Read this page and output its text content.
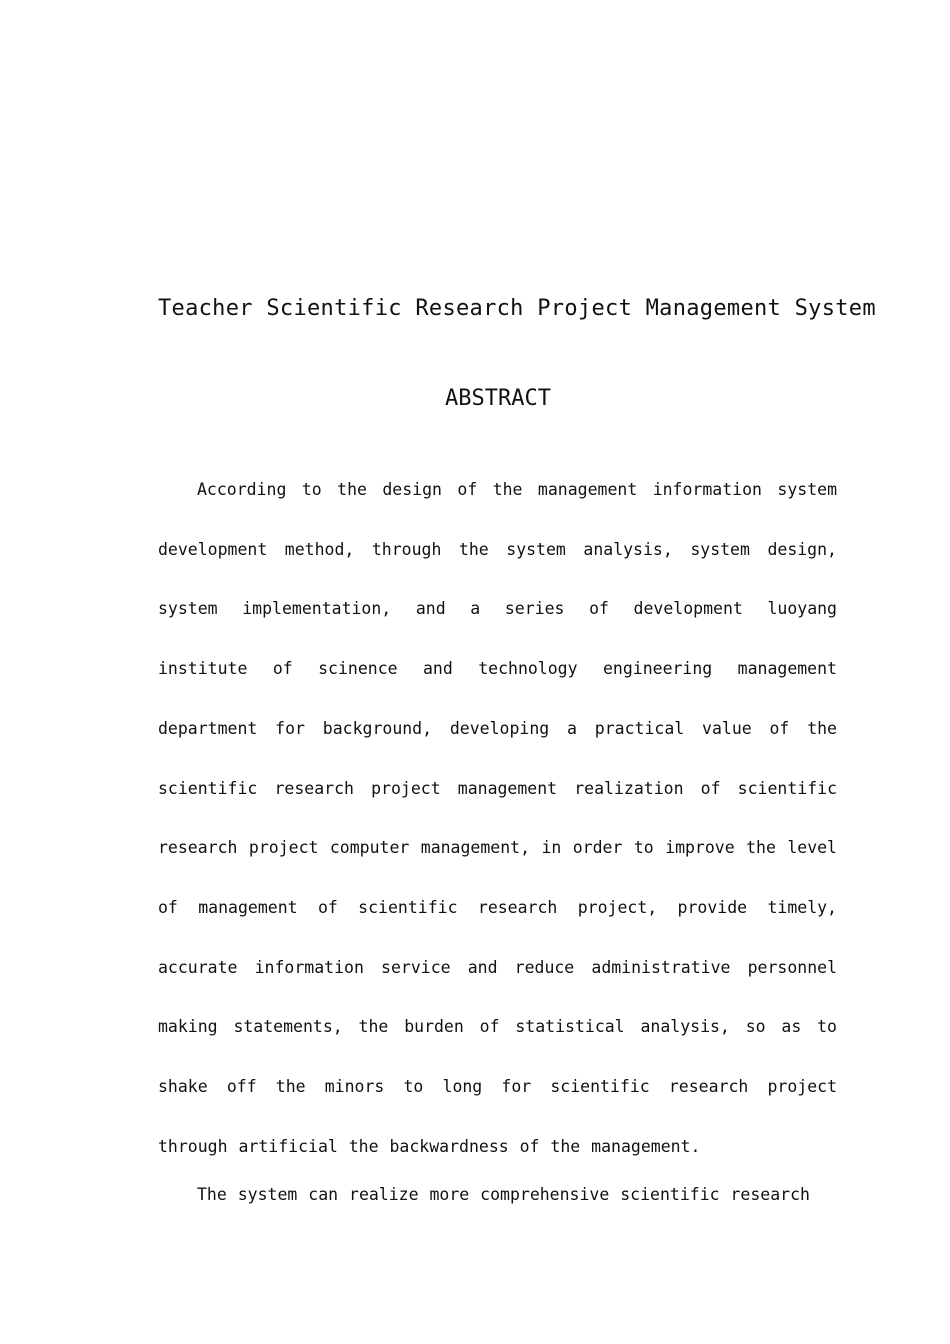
Teacher Scientific Research Project Management System
ABSTRACT

According to the design of the management information system development method, through the system analysis, system design, system implementation, and a series of development luoyang institute of scinence and technology engineering management department for background, developing a practical value of the scientific research project management realization of scientific research project computer management, in order to improve the level of management of scientific research project, provide timely, accurate information service and reduce administrative personnel making statements, the burden of statistical analysis, so as to shake off the minors to long for scientific research project through artificial the backwardness of the management.

The system can realize more comprehensive scientific research
